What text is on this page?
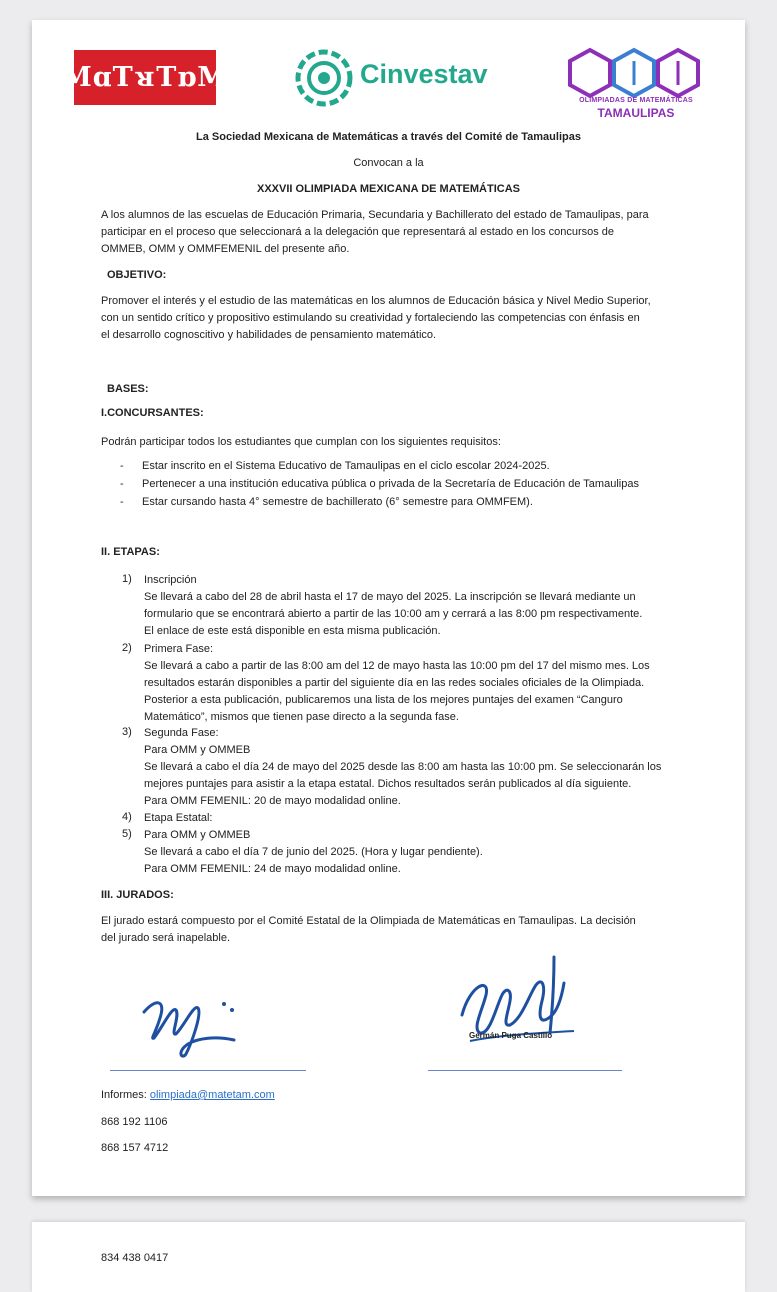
MɑTᴚTɒM	Cinvestav
OLIMPIADAS DE MATEMÁTICAS
TAMAULIPAS
La Sociedad Mexicana de Matemáticas a través del Comité de Tamaulipas
Convocan a la
XXXVII OLIMPIADA MEXICANA DE MATEMÁTICAS
A los alumnos de las escuelas de Educación Primaria, Secundaria y Bachillerato del estado de Tamaulipas, para
participar en el proceso que seleccionará a la delegación que representará al estado en los concursos de
OMMEB, OMM y OMMFEMENIL del presente año.
OBJETIVO:
Promover el interés y el estudio de las matemáticas en los alumnos de Educación básica y Nivel Medio Superior,
con un sentido crítico y propositivo estimulando su creatividad y fortaleciendo las competencias con énfasis en
el desarrollo cognoscitivo y habilidades de pensamiento matemático.
BASES:
I.CONCURSANTES:
Podrán participar todos los estudiantes que cumplan con los siguientes requisitos:
- Estar inscrito en el Sistema Educativo de Tamaulipas en el ciclo escolar 2024-2025.
- Pertenecer a una institución educativa pública o privada de la Secretaría de Educación de Tamaulipas
- Estar cursando hasta 4° semestre de bachillerato (6° semestre para OMMFEM).
II. ETAPAS:
1) Inscripción
Se llevará a cabo del 28 de abril hasta el 17 de mayo del 2025. La inscripción se llevará mediante un
formulario que se encontrará abierto a partir de las 10:00 am y cerrará a las 8:00 pm respectivamente.
El enlace de este está disponible en esta misma publicación.
2) Primera Fase:
Se llevará a cabo a partir de las 8:00 am del 12 de mayo hasta las 10:00 pm del 17 del mismo mes. Los
resultados estarán disponibles a partir del siguiente día en las redes sociales oficiales de la Olimpiada.
Posterior a esta publicación, publicaremos una lista de los mejores puntajes del examen “Canguro
Matemático”, mismos que tienen pase directo a la segunda fase.
3) Segunda Fase:
Para OMM y OMMEB
Se llevará a cabo el día 24 de mayo del 2025 desde las 8:00 am hasta las 10:00 pm. Se seleccionarán los
mejores puntajes para asistir a la etapa estatal. Dichos resultados serán publicados al día siguiente.
Para OMM FEMENIL: 20 de mayo modalidad online.
4) Etapa Estatal:
5) Para OMM y OMMEB
Se llevará a cabo el día 7 de junio del 2025. (Hora y lugar pendiente).
Para OMM FEMENIL: 24 de mayo modalidad online.
III. JURADOS:
El jurado estará compuesto por el Comité Estatal de la Olimpiada de Matemáticas en Tamaulipas. La decisión
del jurado será inapelable.
Germán Puga Castillo
Informes: olimpiada@matetam.com
868 192 1106
868 157 4712
834 438 0417
